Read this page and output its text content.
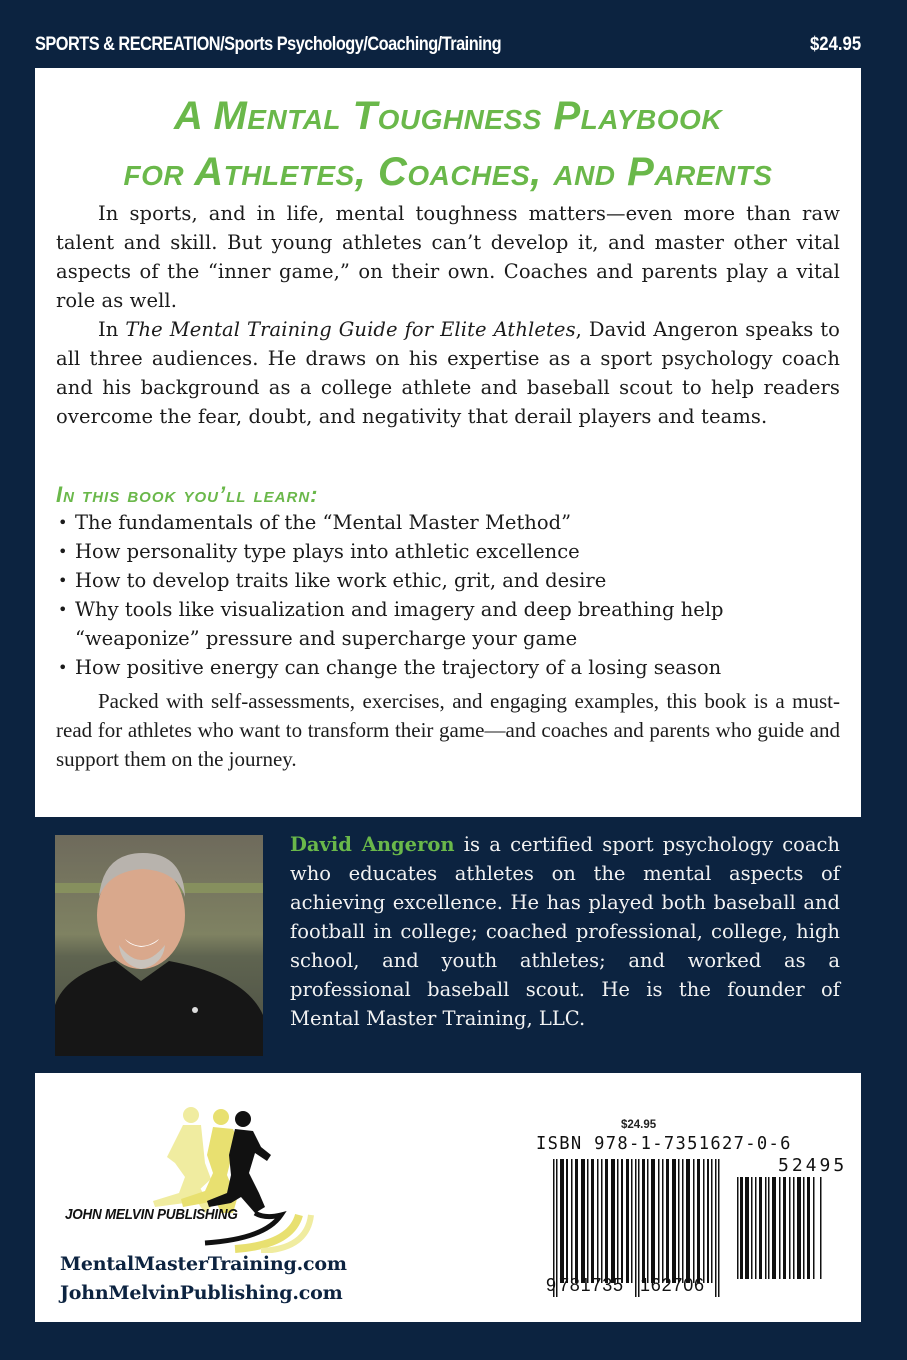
SPORTS & RECREATION/Sports Psychology/Coaching/Training	$24.95
A Mental Toughness Playbook
for Athletes, Coaches, and Parents

In sports, and in life, mental toughness matters—even more than raw talent and skill. But young athletes can’t develop it, and master other vital aspects of the “inner game,” on their own. Coaches and parents play a vital role as well.

In The Mental Training Guide for Elite Athletes, David Angeron speaks to all three audiences. He draws on his expertise as a sport psychology coach and his background as a college athlete and baseball scout to help readers overcome the fear, doubt, and negativity that derail players and teams.

In this book you’ll learn:
• The fundamentals of the “Mental Master Method”
• How personality type plays into athletic excellence
• How to develop traits like work ethic, grit, and desire
• Why tools like visualization and imagery and deep breathing help “weaponize” pressure and supercharge your game
• How positive energy can change the trajectory of a losing season

Packed with self-assessments, exercises, and engaging examples, this book is a must-read for athletes who want to transform their game—and coaches and parents who guide and support them on the journey.

David Angeron is a certified sport psychology coach who educates athletes on the mental aspects of achieving excellence. He has played both baseball and football in college; coached professional, college, high school, and youth athletes; and worked as a professional baseball scout. He is the founder of Mental Master Training, LLC.
JOHN MELVIN PUBLISHING
MentalMasterTraining.com
JohnMelvinPublishing.com
$24.95
ISBN 978-1-7351627-0-6
52495
9 781735 162706
